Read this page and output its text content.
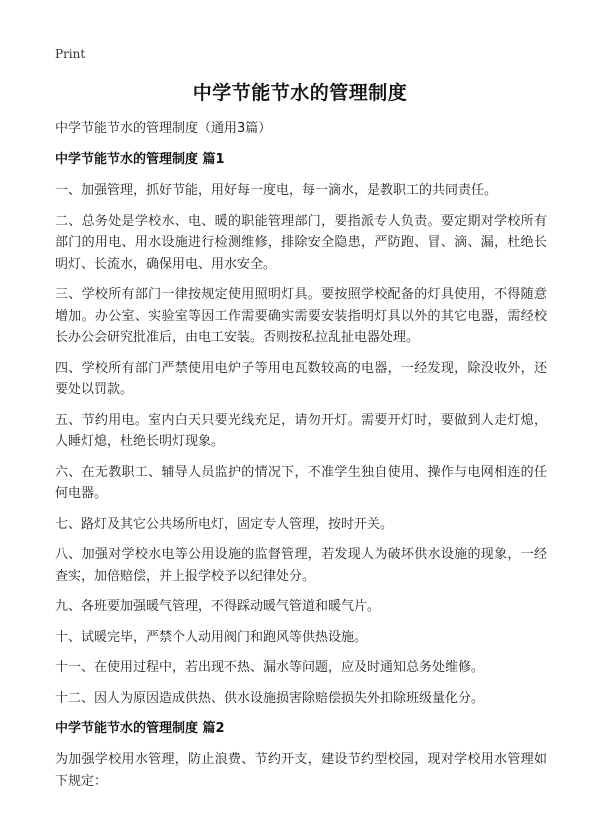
Print
中学节能节水的管理制度

中学节能节水的管理制度（通用3篇）

中学节能节水的管理制度 篇1

一、加强管理，抓好节能，用好每一度电，每一滴水，是教职工的共同责任。

二、总务处是学校水、电、暖的职能管理部门，要指派专人负责。要定期对学校所有部门的用电、用水设施进行检测维修，排除安全隐患，严防跑、冒、滴、漏，杜绝长明灯、长流水，确保用电、用水安全。

三、学校所有部门一律按规定使用照明灯具。要按照学校配备的灯具使用，不得随意增加。办公室、实验室等因工作需要确实需要安装指明灯具以外的其它电器，需经校长办公会研究批准后，由电工安装。否则按私拉乱扯电器处理。

四、学校所有部门严禁使用电炉子等用电瓦数较高的电器，一经发现，除没收外，还要处以罚款。

五、节约用电。室内白天只要光线充足，请勿开灯。需要开灯时，要做到人走灯熄，人睡灯熄，杜绝长明灯现象。

六、在无教职工、辅导人员监护的情况下，不准学生独自使用、操作与电网相连的任何电器。

七、路灯及其它公共场所电灯，固定专人管理，按时开关。

八、加强对学校水电等公用设施的监督管理，若发现人为破坏供水设施的现象，一经查实，加倍赔偿，并上报学校予以纪律处分。

九、各班要加强暖气管理，不得踩动暖气管道和暖气片。

十、试暖完毕，严禁个人动用阀门和跑风等供热设施。

十一、在使用过程中，若出现不热、漏水等问题，应及时通知总务处维修。

十二、因人为原因造成供热、供水设施损害除赔偿损失外扣除班级量化分。

中学节能节水的管理制度 篇2

为加强学校用水管理，防止浪费、节约开支，建设节约型校园，现对学校用水管理如下规定：
